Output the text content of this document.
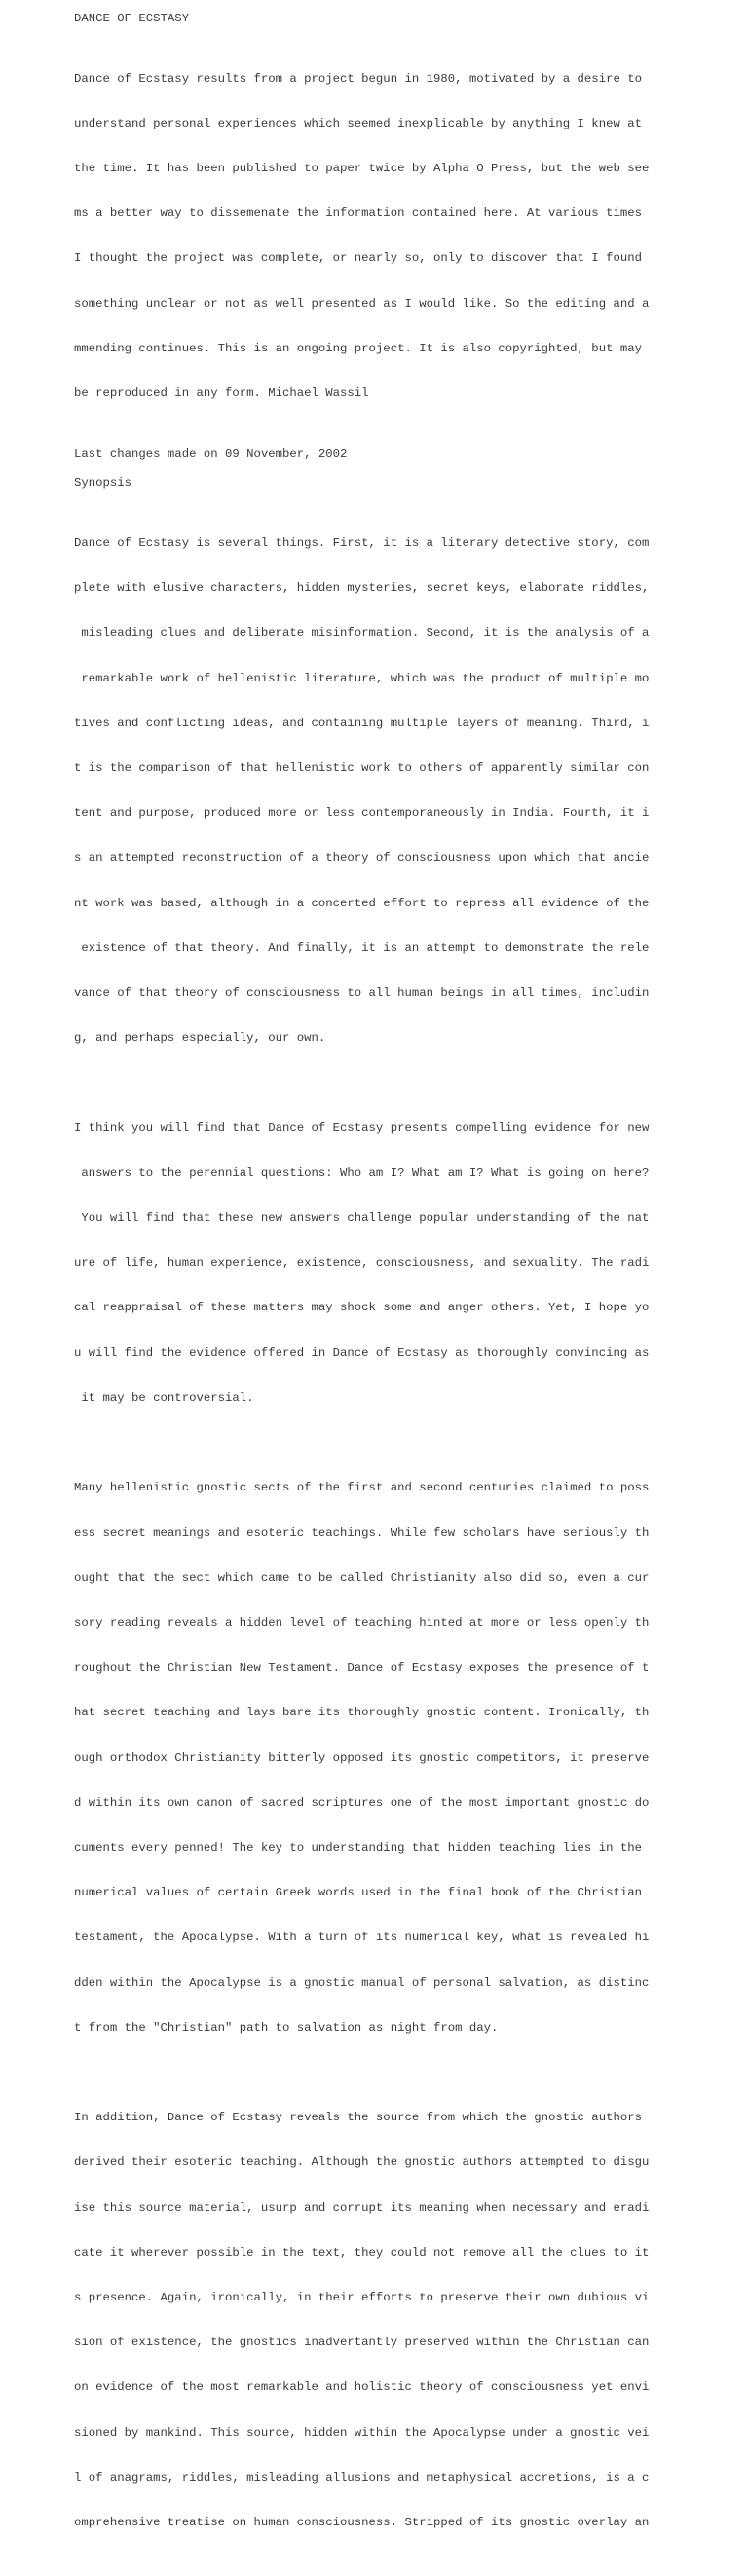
DANCE OF ECSTASY

Dance of Ecstasy results from a project begun in 1980, motivated by a desire to

understand personal experiences which seemed inexplicable by anything I knew at

the time. It has been published to paper twice by Alpha O Press, but the web see

ms a better way to dissemenate the information contained here. At various times

I thought the project was complete, or nearly so, only to discover that I found

something unclear or not as well presented as I would like. So the editing and a

mmending continues. This is an ongoing project. It is also copyrighted, but may

be reproduced in any form. Michael Wassil

Last changes made on 09 November, 2002
Synopsis

Dance of Ecstasy is several things. First, it is a literary detective story, com

plete with elusive characters, hidden mysteries, secret keys, elaborate riddles,

misleading clues and deliberate misinformation. Second, it is the analysis of a

remarkable work of hellenistic literature, which was the product of multiple mo

tives and conflicting ideas, and containing multiple layers of meaning. Third, i

t is the comparison of that hellenistic work to others of apparently similar con

tent and purpose, produced more or less contemporaneously in India. Fourth, it i

s an attempted reconstruction of a theory of consciousness upon which that ancie

nt work was based, although in a concerted effort to repress all evidence of the

existence of that theory. And finally, it is an attempt to demonstrate the rele

vance of that theory of consciousness to all human beings in all times, includin

g, and perhaps especially, our own.

I think you will find that Dance of Ecstasy presents compelling evidence for new

answers to the perennial questions: Who am I? What am I? What is going on here?

You will find that these new answers challenge popular understanding of the nat

ure of life, human experience, existence, consciousness, and sexuality. The radi

cal reappraisal of these matters may shock some and anger others. Yet, I hope yo

u will find the evidence offered in Dance of Ecstasy as thoroughly convincing as

it may be controversial.

Many hellenistic gnostic sects of the first and second centuries claimed to poss

ess secret meanings and esoteric teachings. While few scholars have seriously th

ought that the sect which came to be called Christianity also did so, even a cur

sory reading reveals a hidden level of teaching hinted at more or less openly th

roughout the Christian New Testament. Dance of Ecstasy exposes the presence of t

hat secret teaching and lays bare its thoroughly gnostic content. Ironically, th

ough orthodox Christianity bitterly opposed its gnostic competitors, it preserve

d within its own canon of sacred scriptures one of the most important gnostic do

cuments every penned! The key to understanding that hidden teaching lies in the

numerical values of certain Greek words used in the final book of the Christian

testament, the Apocalypse. With a turn of its numerical key, what is revealed hi

dden within the Apocalypse is a gnostic manual of personal salvation, as distinc

t from the "Christian" path to salvation as night from day.

In addition, Dance of Ecstasy reveals the source from which the gnostic authors

derived their esoteric teaching. Although the gnostic authors attempted to disgu

ise this source material, usurp and corrupt its meaning when necessary and eradi

cate it wherever possible in the text, they could not remove all the clues to it

s presence. Again, ironically, in their efforts to preserve their own dubious vi

sion of existence, the gnostics inadvertantly preserved within the Christian can

on evidence of the most remarkable and holistic theory of consciousness yet envi

sioned by mankind. This source, hidden within the Apocalypse under a gnostic vei

l of anagrams, riddles, misleading allusions and metaphysical accretions, is a c

omprehensive treatise on human consciousness. Stripped of its gnostic overlay an
